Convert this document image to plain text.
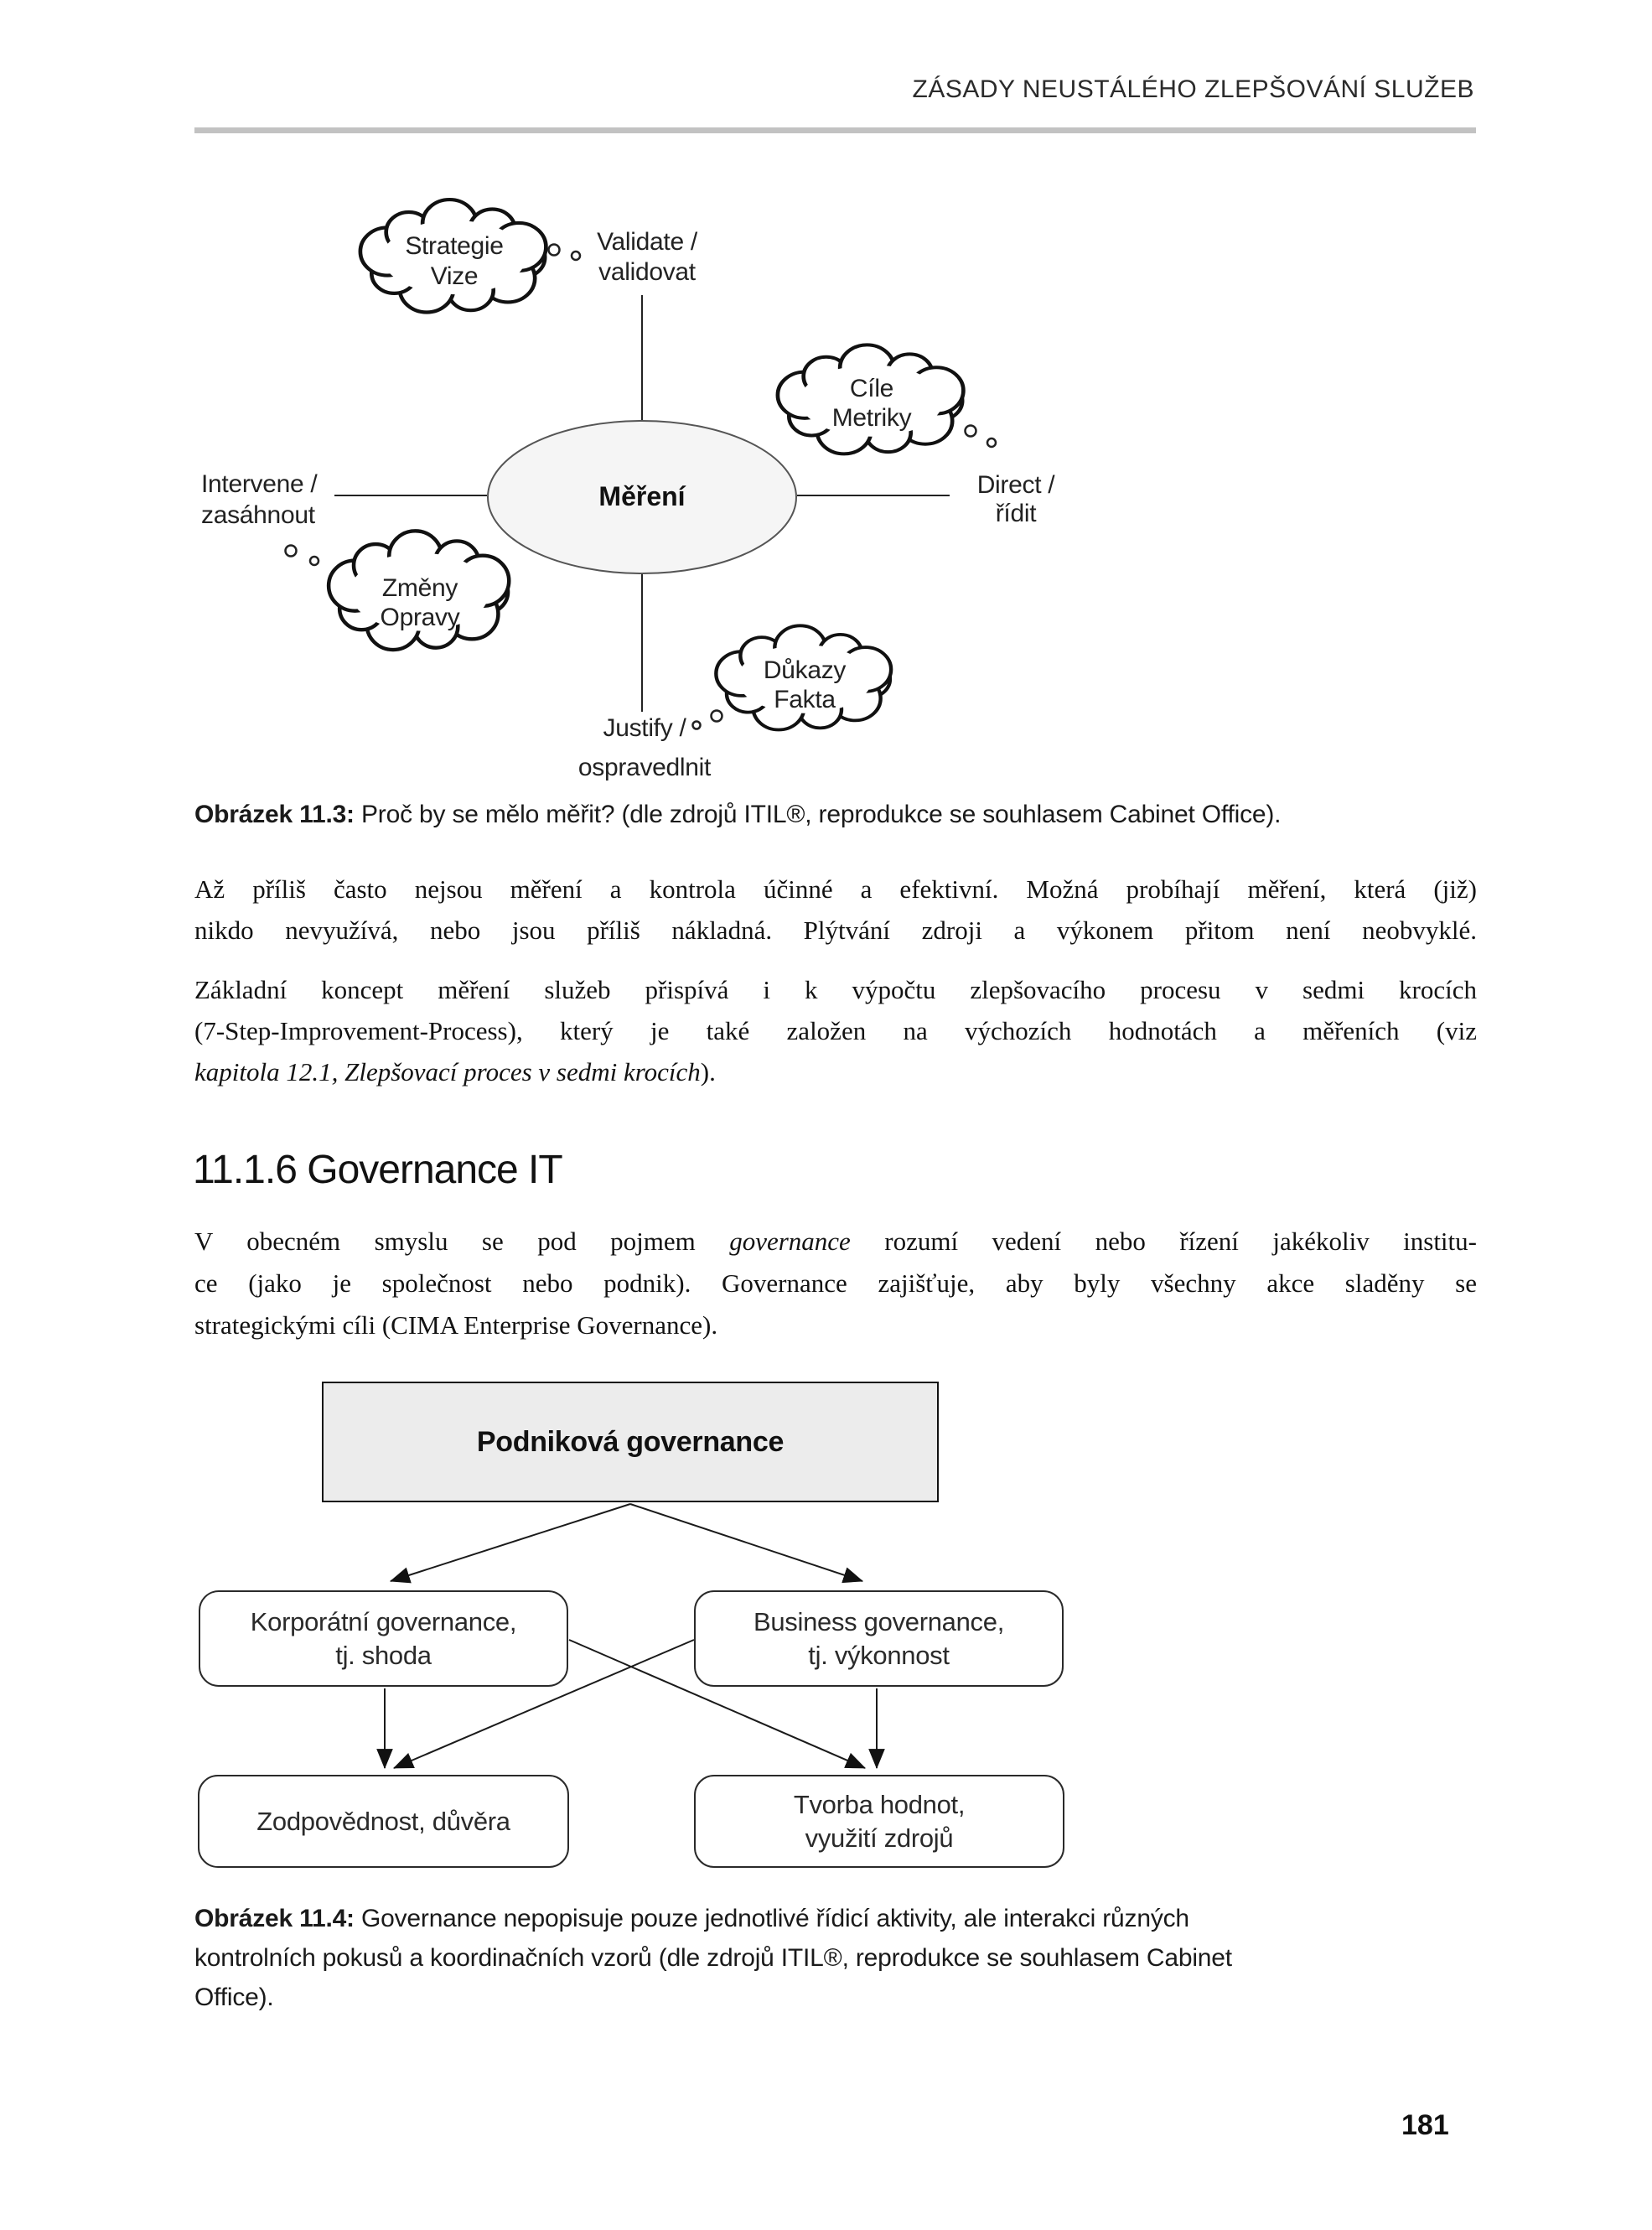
ZÁSADY NEUSTÁLÉHO ZLEPŠOVÁNÍ SLUŽEB
Strategie
Vize
Validate /
validovat
Cíle
Metriky
Direct /
řídit
Intervene /
zasáhnout
Změny
Opravy
Důkazy
Fakta
Justify /
ospravedlnit
Měření
Obrázek 11.3: Proč by se mělo měřit? (dle zdrojů ITIL®, reprodukce se souhlasem Cabinet Office).
Až příliš často nejsou měření a kontrola účinné a efektivní. Možná probíhají měření, která (již)
nikdo nevyužívá, nebo jsou příliš nákladná. Plýtvání zdroji a výkonem přitom není neobvyklé.
Základní koncept měření služeb přispívá i k výpočtu zlepšovacího procesu v sedmi krocích
(7-Step-Improvement-Process), který je také založen na výchozích hodnotách a měřeních (viz
kapitola 12.1, Zlepšovací proces v sedmi krocích).
11.1.6 Governance IT
V obecném smyslu se pod pojmem governance rozumí vedení nebo řízení jakékoliv institu-
ce (jako je společnost nebo podnik). Governance zajišťuje, aby byly všechny akce sladěny se
strategickými cíli (CIMA Enterprise Governance).
Podniková governance
Korporátní governance,
tj. shoda
Business governance,
tj. výkonnost
Zodpovědnost, důvěra
Tvorba hodnot,
využití zdrojů
Obrázek 11.4: Governance nepopisuje pouze jednotlivé řídicí aktivity, ale interakci různých
kontrolních pokusů a koordinačních vzorů (dle zdrojů ITIL®, reprodukce se souhlasem Cabinet
Office).
181
